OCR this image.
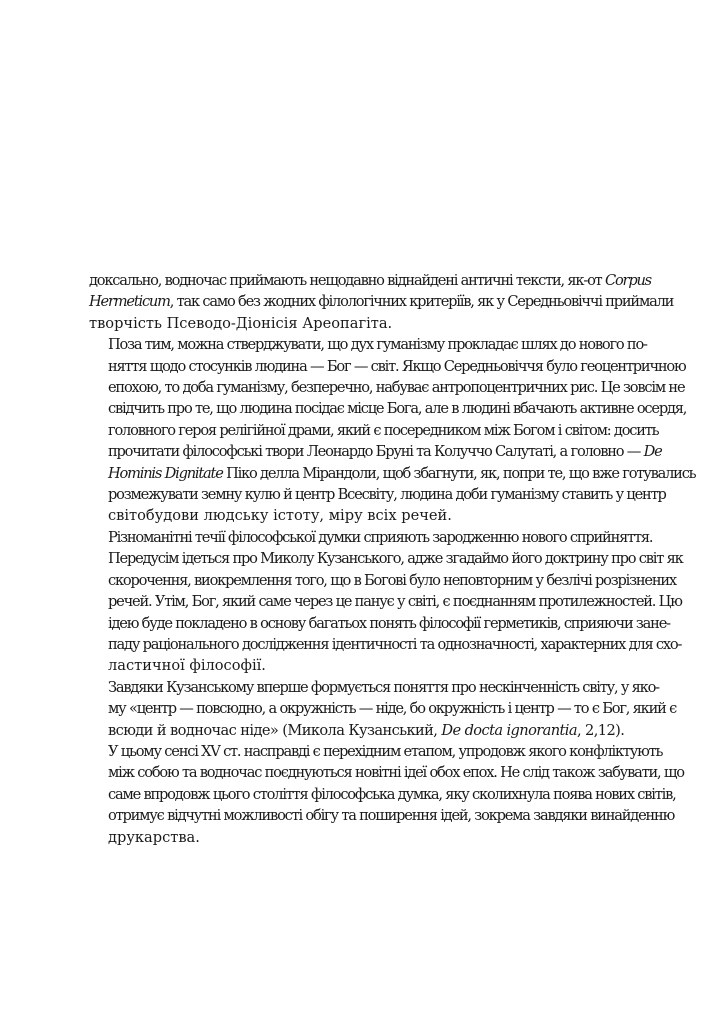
доксально, водночас приймають нещодавно віднайдені античні тексти, як-от Corpus
Hermeticum, так само без жодних філологічних критеріїв, як у Середньовіччі приймали
творчість Псеводо-Діонісія Ареопагіта.
Поза тим, можна стверджувати, що дух гуманізму прокладає шлях до нового по-
няття щодо стосунків людина — Бог — світ. Якщо Середньовіччя було геоцентричною
епохою, то доба гуманізму, безперечно, набуває антропоцентричних рис. Це зовсім не
свідчить про те, що людина посідає місце Бога, але в людині вбачають активне осердя,
головного героя релігійної драми, який є посередником між Богом і світом: досить
прочитати філософські твори Леонардо Бруні та Колуччо Салутаті, а головно — De
Hominis Dignitate Піко делла Мірандоли, щоб збагнути, як, попри те, що вже готувались
розмежувати земну кулю й центр Всесвіту, людина доби гуманізму ставить у центр
світобудови людську істоту, міру всіх речей.
Різноманітні течії філософської думки сприяють зародженню нового сприйняття.
Передусім ідеться про Миколу Кузанського, адже згадаймо його доктрину про світ як
скорочення, виокремлення того, що в Богові було неповторним у безлічі розрізнених
речей. Утім, Бог, який саме через це панує у світі, є поєднанням протилежностей. Цю
ідею буде покладено в основу багатьох понять філософії герметиків, сприяючи зане-
паду раціонального дослідження ідентичності та однозначності, характерних для схо-
ластичної філософії.
Завдяки Кузанському вперше формується поняття про нескінченність світу, у яко-
му «центр — повсюдно, а окружність — ніде, бо окружність і центр — то є Бог, який є
всюди й водночас ніде» (Микола Кузанський, De docta ignorantia, 2,12).
У цьому сенсі XV ст. насправді є перехідним етапом, упродовж якого конфліктують
між собою та водночас поєднуються новітні ідеї обох епох. Не слід також забувати, що
саме впродовж цього століття філософська думка, яку сколихнула поява нових світів,
отримує відчутні можливості обігу та поширення ідей, зокрема завдяки винайденню
друкарства.
